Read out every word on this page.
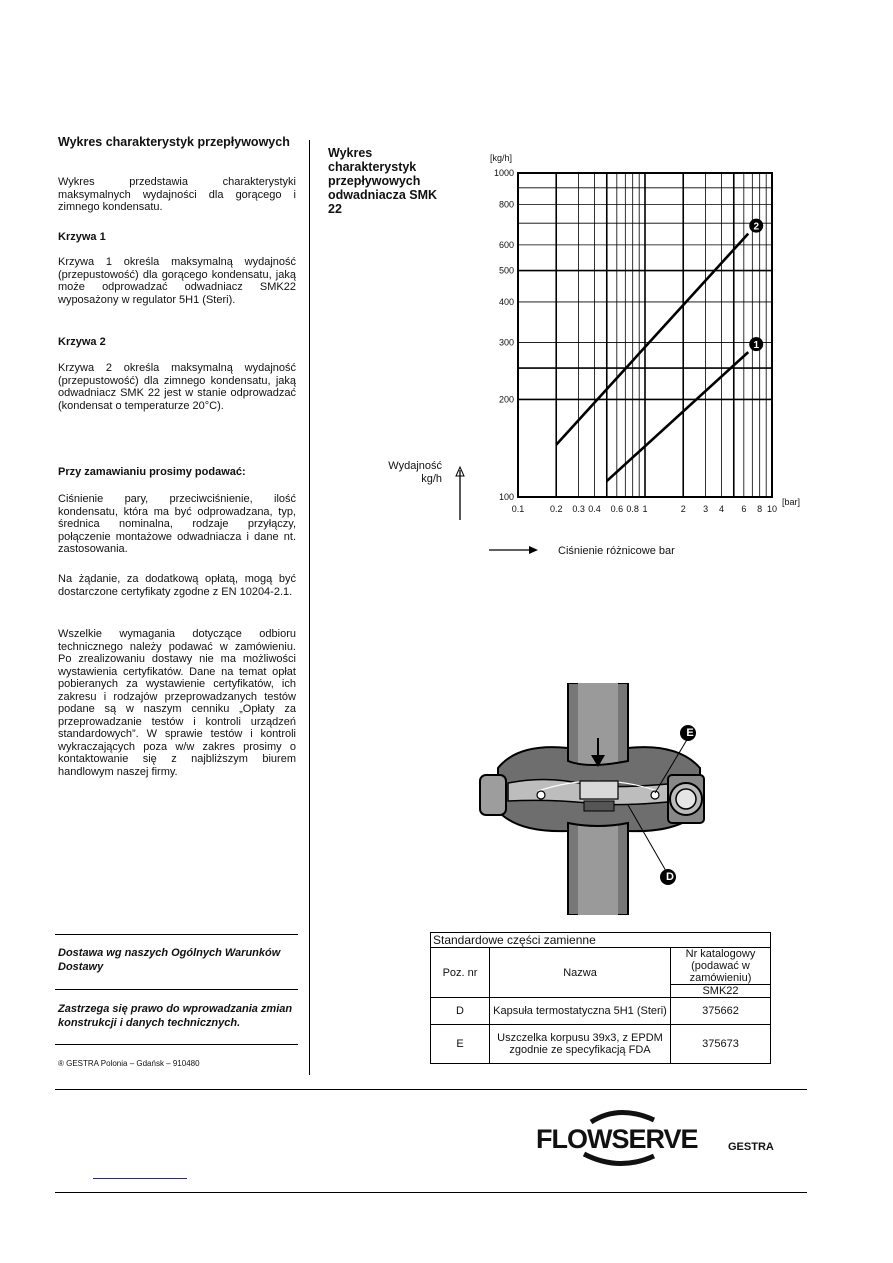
Wykres charakterystyk przepływowych

Wykres przedstawia charakterystyki maksymalnych wydajności dla gorącego i zimnego kondensatu.

Krzywa 1

Krzywa 1 określa maksymalną wydajność (przepustowość) dla gorącego kondensatu, jaką może odprowadzać odwadniacz SMK22 wyposażony w regulator 5H1 (Steri).

Krzywa 2

Krzywa 2 określa maksymalną wydajność (przepustowość) dla zimnego kondensatu, jaką odwadniacz SMK 22 jest w stanie odprowadzać (kondensat o temperaturze 20°C).

Przy zamawianiu prosimy podawać:

Ciśnienie pary, przeciwciśnienie, ilość kondensatu, która ma być odprowadzana, typ, średnica nominalna, rodzaje przyłączy, połączenie montażowe odwadniacza i dane nt. zastosowania.

Na żądanie, za dodatkową opłatą, mogą być dostarczone certyfikaty zgodne z EN 10204-2.1.

Wszelkie wymagania dotyczące odbioru technicznego należy podawać w zamówieniu. Po zrealizowaniu dostawy nie ma możliwości wystawienia certyfikatów. Dane na temat opłat pobieranych za wystawienie certyfikatów, ich zakresu i rodzajów przeprowadzanych testów podane są w naszym cenniku „Opłaty za przeprowadzanie testów i kontroli urządzeń standardowych”. W sprawie testów i kontroli wykraczających poza w/w zakres prosimy o kontaktowanie się z najbliższym biurem handlowym naszej firmy.

Dostawa wg naszych Ogólnych Warunków Dostawy
Zastrzega się prawo do wprowadzania zmian konstrukcji i danych technicznych.
® GESTRA Polonia – Gdańsk – 910480
Wykres charakterystyk przepływowych odwadniacza SMK 22
1
2
0.1	0.2 0.3 0.4 0.6 0.8 1	2 3 4 6 8 10
100
200
300
400
500
600
800
1000
[kg/h]
[bar]
Wydajność
kg/h
Ciśnienie różnicowe bar
E
D
Standardowe części zamienne		
Poz. nr	Nazwa	Nr katalogowy (podawać w zamówieniu)
		SMK22
D	Kapsuła termostatyczna 5H1 (Steri)	375662
E	Uszczelka korpusu 39x3, z EPDM zgodnie ze specyfikacją FDA	375673
FLOWSERVE	GESTRA
